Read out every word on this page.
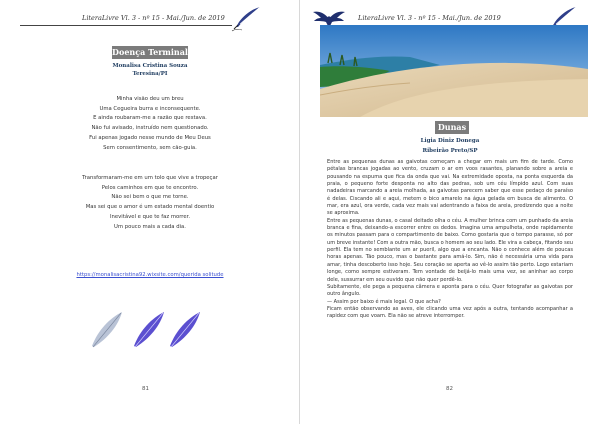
LiteraLivre Vl. 3 - nº 15 - Mai./Jun. de 2019
Doença Terminal
Monalisa Cristina Souza
Teresina/PI
Minha visão deu um breu
Uma Cegueira burra e inconsequente.
E ainda roubaram-me a razão que restava.
Não fui avisado, instruído nem questionado.
Fui apenas jogado nesse mundo de Meu Deus
Sem consentimento, sem cão-guia.
Transformaram-me em um tolo que vive a tropeçar
Pelos caminhos em que te encontro.
Não sei bem o que me torne.
Mas sei que o amor é um estado mental doentio
Inevitável e que te faz morrer.
Um pouco mais a cada dia.
https://monalisacristina92.wixsite.com/querida solitude
81
LiteraLivre Vl. 3 - nº 15 - Mai./Jun. de 2019
Dunas
Ligia Diniz Donega
Ribeirão Preto/SP

Entre as pequenas dunas as gaivotas começam a chegar em mais um fim de tarde. Como pétalas brancas jogadas ao vento, cruzam o ar em voos rasantes, planando sobre a areia e pousando na espuma que fica da onda que vai. Na extremidade oposta, na ponta esquerda da praia, o pequeno forte desponta no alto das pedras, sob um céu límpido azul. Com suas nadadeiras marcando a areia molhada, as gaivotas parecem saber que esse pedaço de paraíso é delas. Ciscando ali e aqui, metem o bico amarelo na água gelada em busca de alimento. O mar, era azul, ora verde, cada vez mais vai adentrando a faixa de areia, predizendo que a noite se aproxima.

Entre as pequenas dunas, o casal deitado olha o céu. A mulher brinca com um punhado da areia branca e fina, deixando-a escorrer entre os dedos. Imagina uma ampulheta, onde rapidamente os minutos passam para o compartimento de baixo. Como gostaria que o tempo parasse, só por um breve instante! Com a outra mão, busca o homem ao seu lado. Ele vira a cabeça, fitando seu perfil. Ela tem no semblante um ar pueril, algo que a encanta. Não o conhece além de poucas horas apenas. Tão pouco, mas o bastante para amá-lo. Sim, não é necessária uma vida para amar, tinha descoberto isso hoje. Seu coração se aperta ao vê-lo assim tão perto. Logo estariam longe, como sempre estiveram. Tem vontade de beijá-lo mais uma vez, se aninhar ao corpo dele, sussurrar em seu ouvido que não quer perdê-lo.

Subitamente, ele pega a pequena câmera e aponta para o céu. Quer fotografar as gaivotas por outro ângulo.

— Assim por baixo é mais legal. O que acha?

Ficam então observando as aves, ele clicando uma vez após a outra, tentando acompanhar a rapidez com que voam. Ela não se atreve interromper.

82
